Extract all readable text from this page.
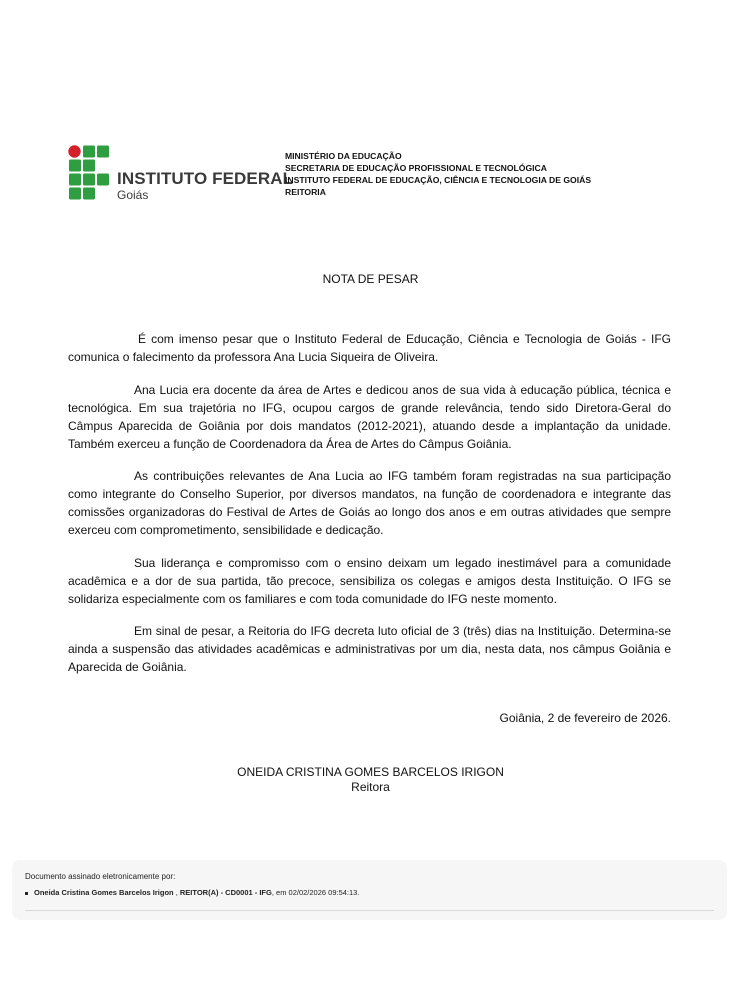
INSTITUTO FEDERAL
Goiás
MINISTÉRIO DA EDUCAÇÃO
SECRETARIA DE EDUCAÇÃO PROFISSIONAL E TECNOLÓGICA
INSTITUTO FEDERAL DE EDUCAÇÃO, CIÊNCIA E TECNOLOGIA DE GOIÁS
REITORIA
NOTA DE PESAR

É com imenso pesar que o Instituto Federal de Educação, Ciência e Tecnologia de Goiás - IFG comunica o falecimento da professora Ana Lucia Siqueira de Oliveira.

Ana Lucia era docente da área de Artes e dedicou anos de sua vida à educação pública, técnica e tecnológica. Em sua trajetória no IFG, ocupou cargos de grande relevância, tendo sido Diretora-Geral do Câmpus Aparecida de Goiânia por dois mandatos (2012-2021), atuando desde a implantação da unidade. Também exerceu a função de Coordenadora da Área de Artes do Câmpus Goiânia.

As contribuições relevantes de Ana Lucia ao IFG também foram registradas na sua participação como integrante do Conselho Superior, por diversos mandatos, na função de coordenadora e integrante das comissões organizadoras do Festival de Artes de Goiás ao longo dos anos e em outras atividades que sempre exerceu com comprometimento, sensibilidade e dedicação.

Sua liderança e compromisso com o ensino deixam um legado inestimável para a comunidade acadêmica e a dor de sua partida, tão precoce, sensibiliza os colegas e amigos desta Instituição. O IFG se solidariza especialmente com os familiares e com toda comunidade do IFG neste momento.

Em sinal de pesar, a Reitoria do IFG decreta luto oficial de 3 (três) dias na Instituição. Determina-se ainda a suspensão das atividades acadêmicas e administrativas por um dia, nesta data, nos câmpus Goiânia e Aparecida de Goiânia.

Goiânia, 2 de fevereiro de 2026.
ONEIDA CRISTINA GOMES BARCELOS IRIGON
Reitora
Documento assinado eletronicamente por:
Oneida Cristina Gomes Barcelos Irigon , REITOR(A) - CD0001 - IFG, em 02/02/2026 09:54:13.
